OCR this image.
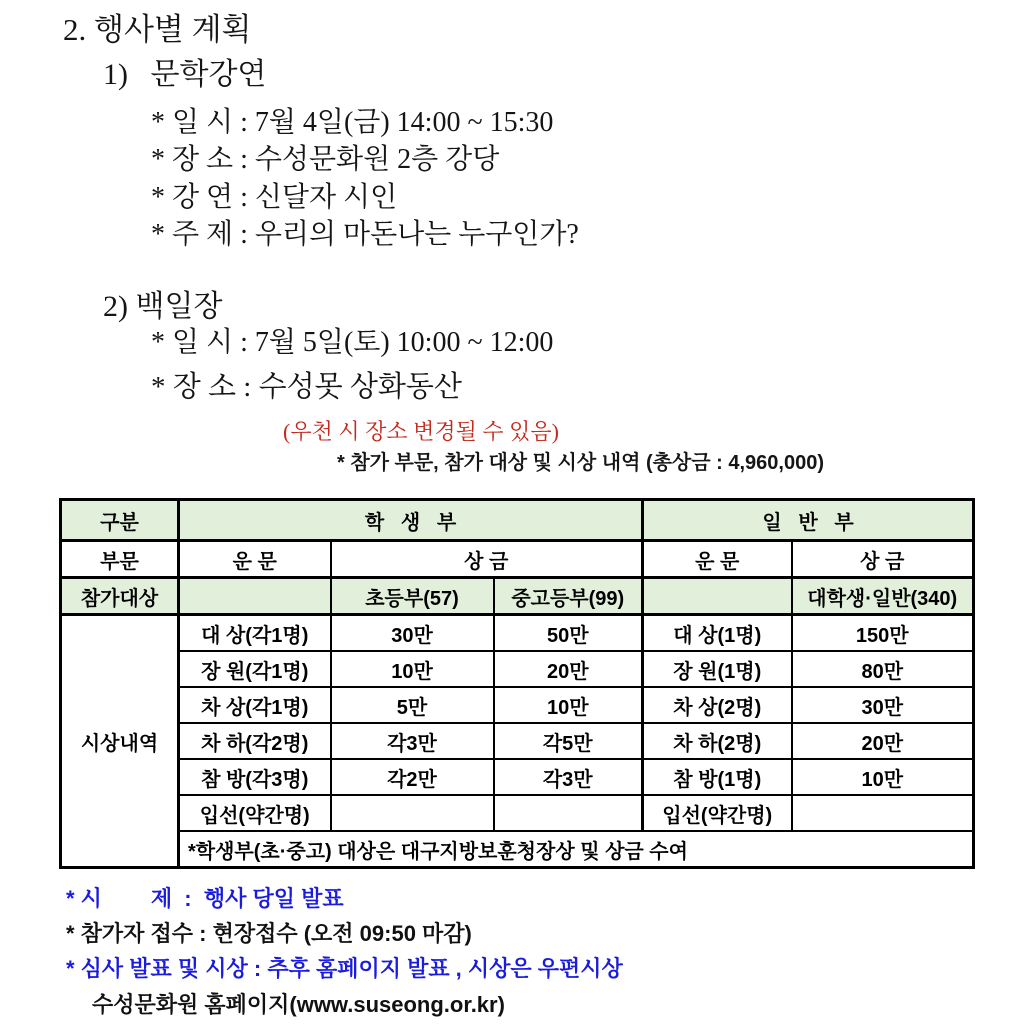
2. 행사별 계획
1)   문학강연
* 일 시 : 7월 4일(금) 14:00 ~ 15:30
* 장 소 : 수성문화원 2층 강당
* 강 연 : 신달자 시인
* 주 제 : 우리의 마돈나는 누구인가?
2) 백일장
* 일 시 : 7월 5일(토) 10:00 ~ 12:00
* 장 소 : 수성못 상화동산
(우천 시 장소 변경될 수 있음)
* 참가 부문, 참가 대상 및 시상 내역 (총상금 : 4,960,000)
구분	학   생   부			일   반   부	
부문	운 문	상 금		운 문	상 금
참가대상		초등부(57)	중고등부(99)		대학생·일반(340)
시상내역	대 상(각1명)	30만	50만	대 상(1명)	150만
	장 원(각1명)	10만	20만	장 원(1명)	80만
	차 상(각1명)	5만	10만	차 상(2명)	30만
	차 하(각2명)	각3만	각5만	차 하(2명)	20만
	참 방(각3명)	각2만	각3만	참 방(1명)	10만
	입선(약간명)			입선(약간명)	
	*학생부(초·중고) 대상은 대구지방보훈청장상 및 상금 수여				
* 시        제  :  행사 당일 발표
* 참가자 접수 : 현장접수 (오전 09:50 마감)
* 심사 발표 및 시상 : 추후 홈페이지 발표 , 시상은 우편시상
수성문화원 홈페이지(www.suseong.or.kr)
